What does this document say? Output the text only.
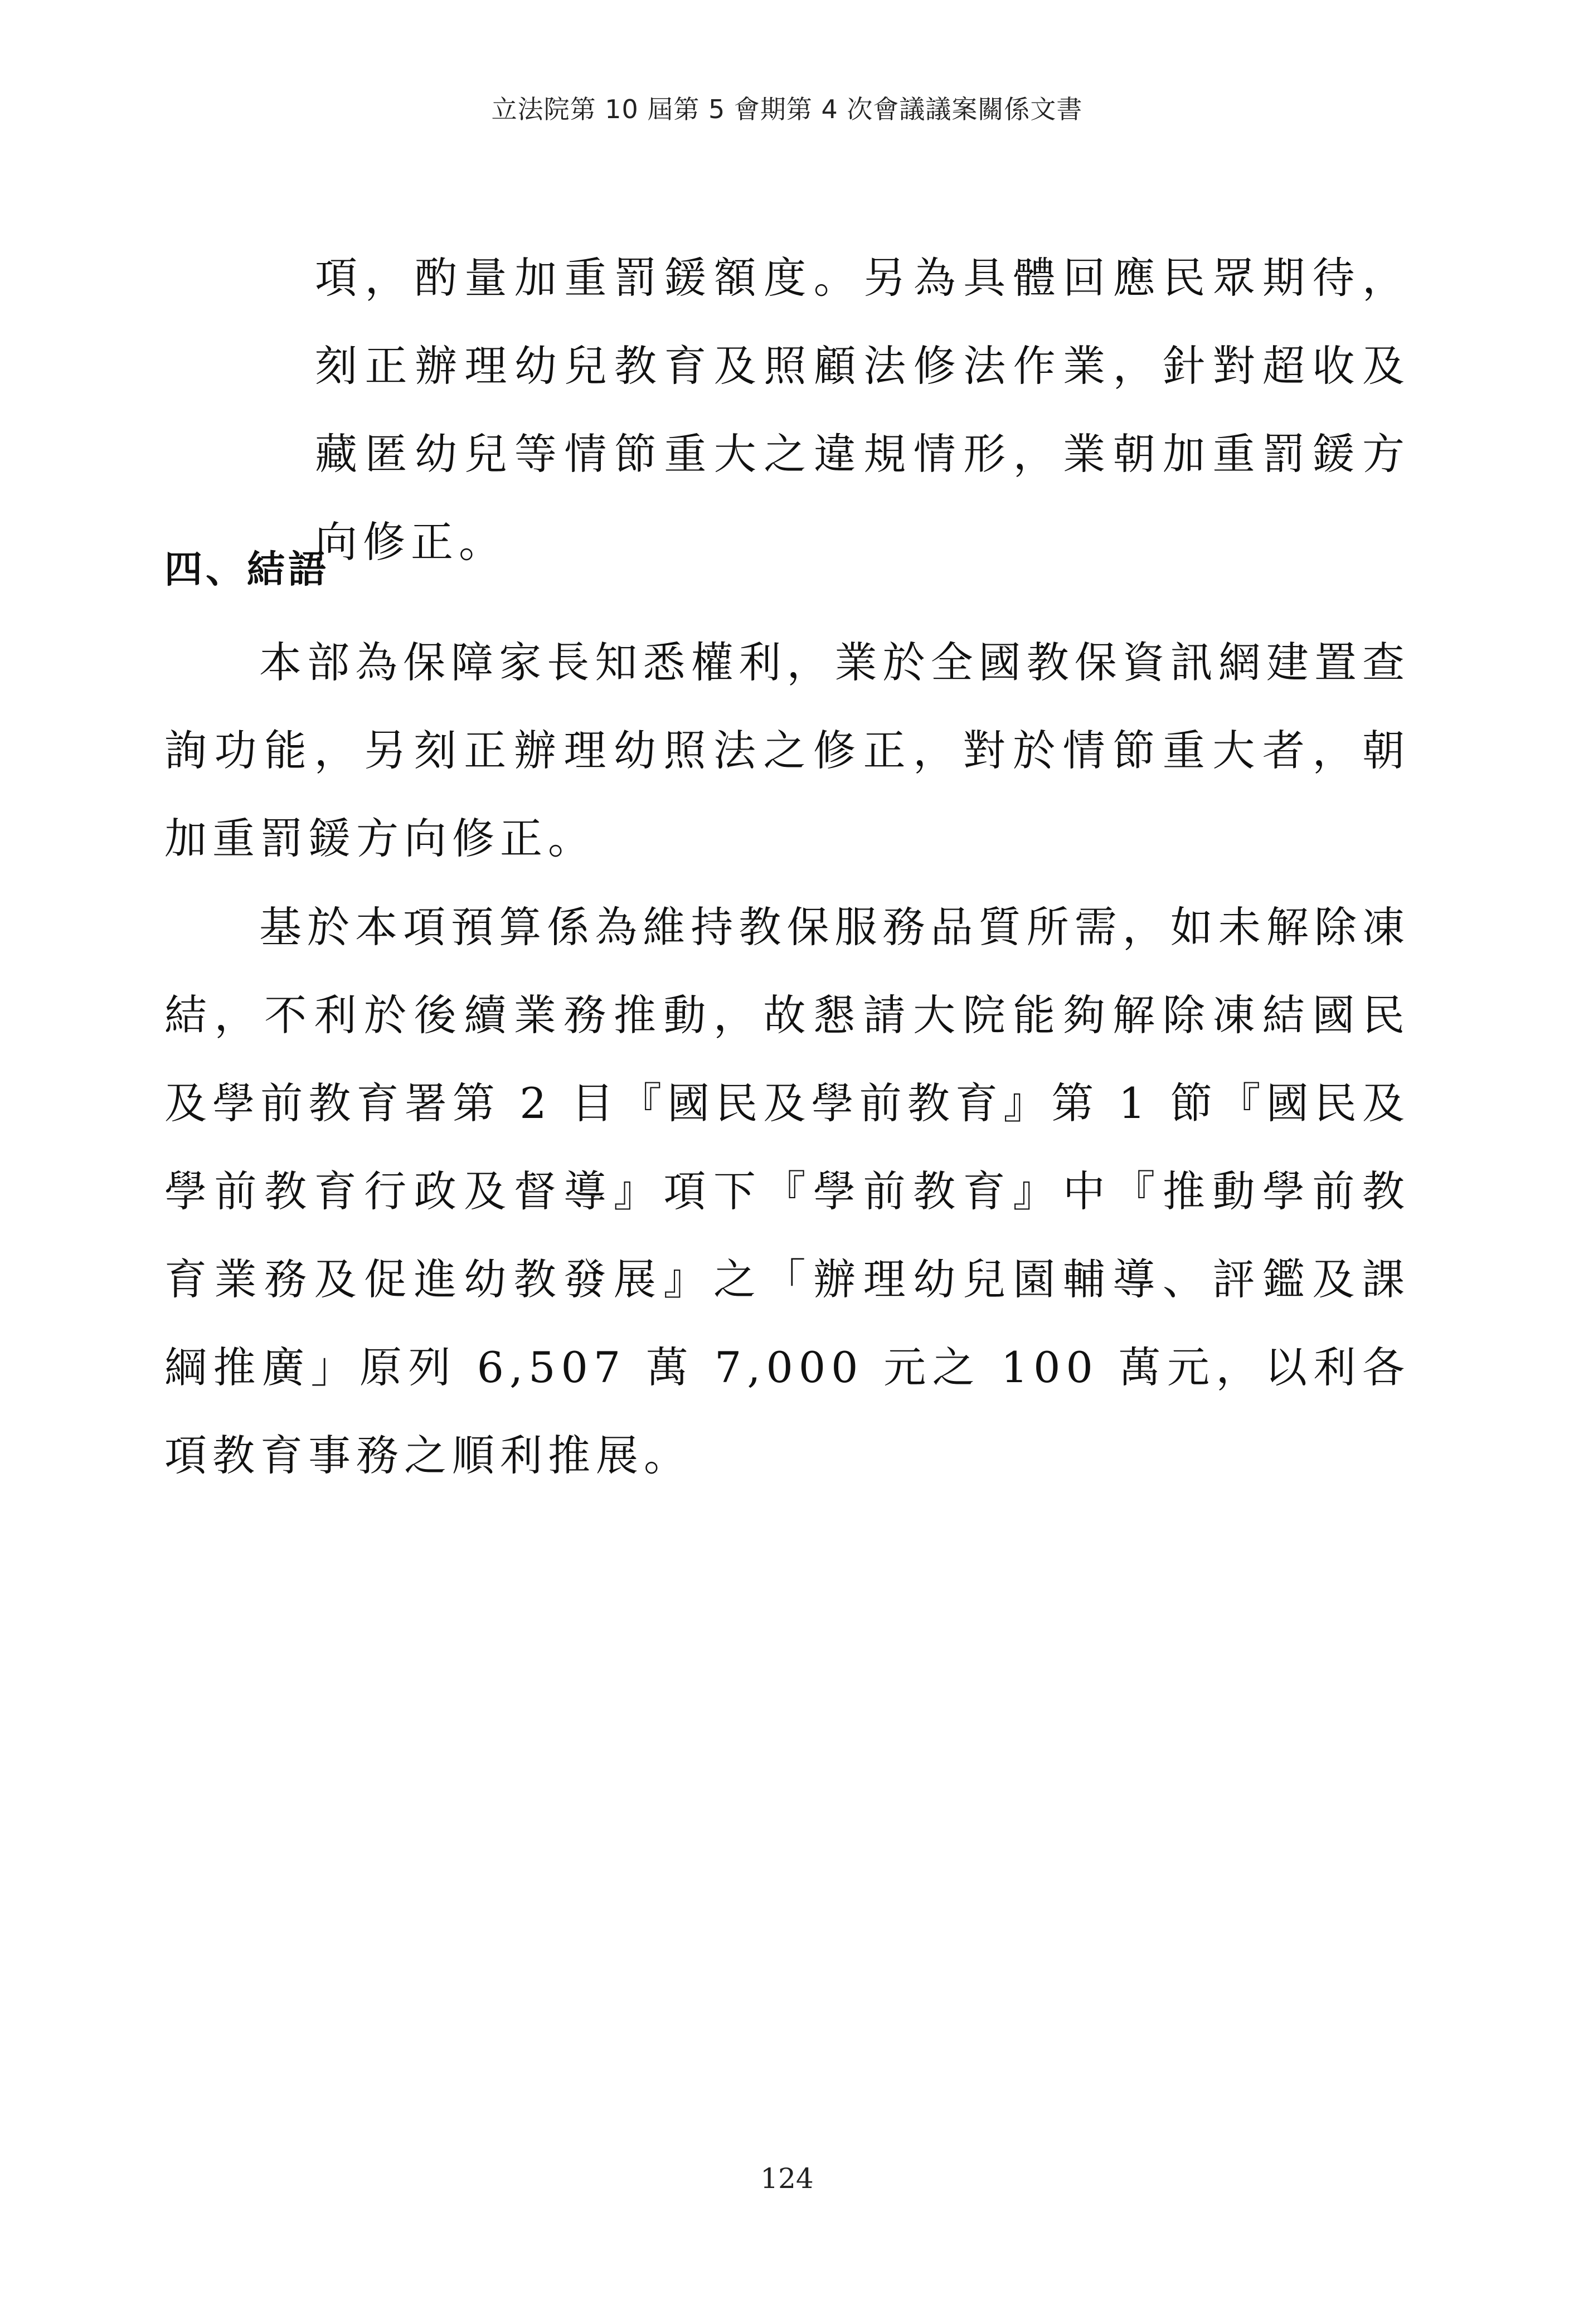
立法院第 10 屆第 5 會期第 4 次會議議案關係文書

項，酌量加重罰鍰額度。另為具體回應民眾期待，刻正辦理幼兒教育及照顧法修法作業，針對超收及藏匿幼兒等情節重大之違規情形，業朝加重罰鍰方向修正。

四、結語

本部為保障家長知悉權利，業於全國教保資訊網建置查詢功能，另刻正辦理幼照法之修正，對於情節重大者，朝加重罰鍰方向修正。

基於本項預算係為維持教保服務品質所需，如未解除凍結，不利於後續業務推動，故懇請大院能夠解除凍結國民及學前教育署第 2 目『國民及學前教育』第 1 節『國民及學前教育行政及督導』項下『學前教育』中『推動學前教育業務及促進幼教發展』之「辦理幼兒園輔導、評鑑及課綱推廣」原列 6,507 萬 7,000 元之 100 萬元，以利各項教育事務之順利推展。

124
